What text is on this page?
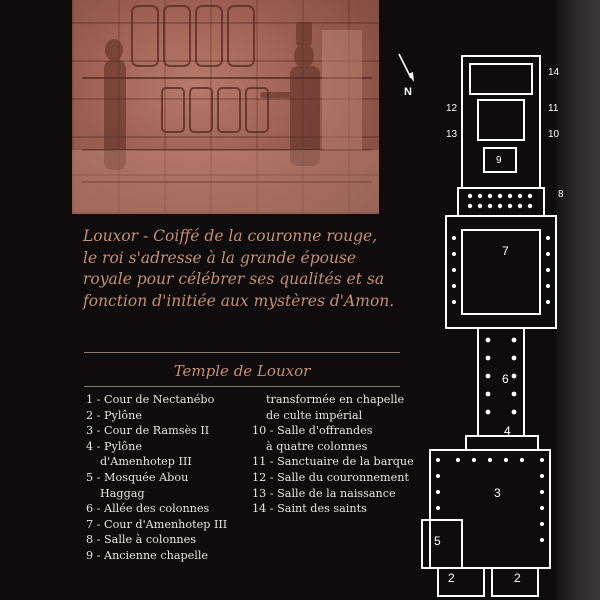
Louxor - Coiffé de la couronne rouge,
le roi s'adresse à la grande épouse
royale pour célébrer ses qualités et sa
fonction d'initiée aux mystères d'Amon.
Temple de Louxor
1 - Cour de Nectanébo
2 - Pylône
3 - Cour de Ramsès II
4 - Pylône
d'Amenhotep III
5 - Mosquée Abou
Haggag
6 - Allée des colonnes
7 - Cour d'Amenhotep III
8 - Salle à colonnes
9 - Ancienne chapelle
transformée en chapelle
de culte impérial
10 - Salle d'offrandes
à quatre colonnes
11 - Sanctuaire de la barque
12 - Salle du couronnement
13 - Salle de la naissance
14 - Saint des saints
N
14
12	11
13	10
9
8
7
6
4
3
5
2	2
